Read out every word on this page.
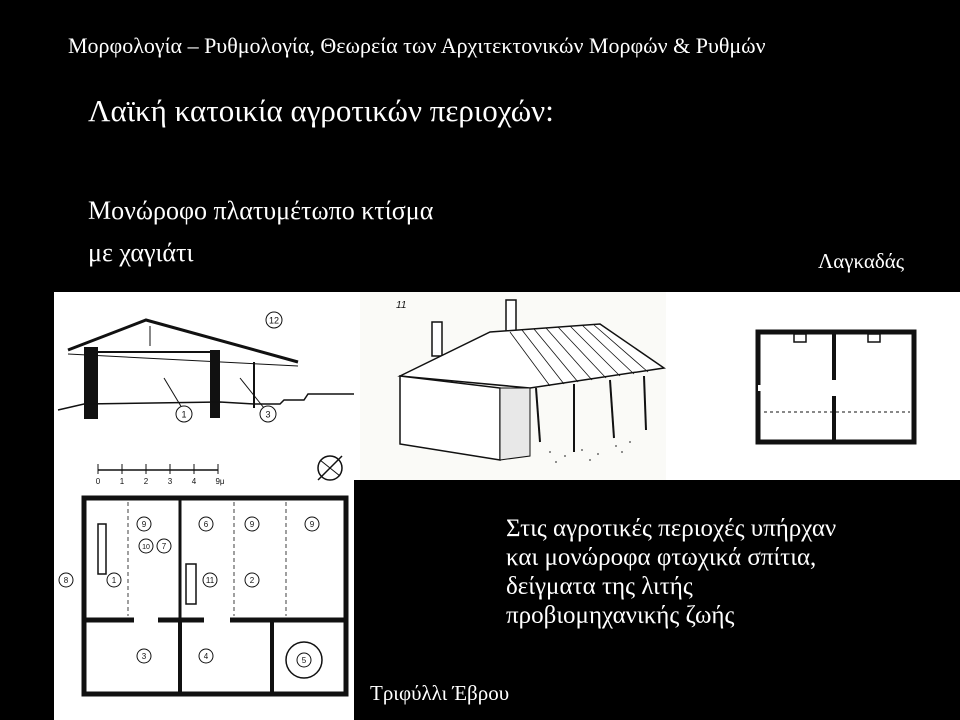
Μορφολογία – Ρυθμολογία, Θεωρεία των Αρχιτεκτονικών Μορφών & Ρυθμών
Λαϊκή κατοικία αγροτικών περιοχών:
Μονώροφο πλατυμέτωπο κτίσμα
με χαγιάτι	Λαγκαδάς
12
1	3
0 1 2 3 4 9μ
11
9	6	9	9
10 7
8	1	11	2
3	4	5
Στις αγροτικές περιοχές υπήρχαν
και μονώροφα φτωχικά σπίτια,
δείγματα της λιτής
προβιομηχανικής ζωής
Τριφύλλι Έβρου
